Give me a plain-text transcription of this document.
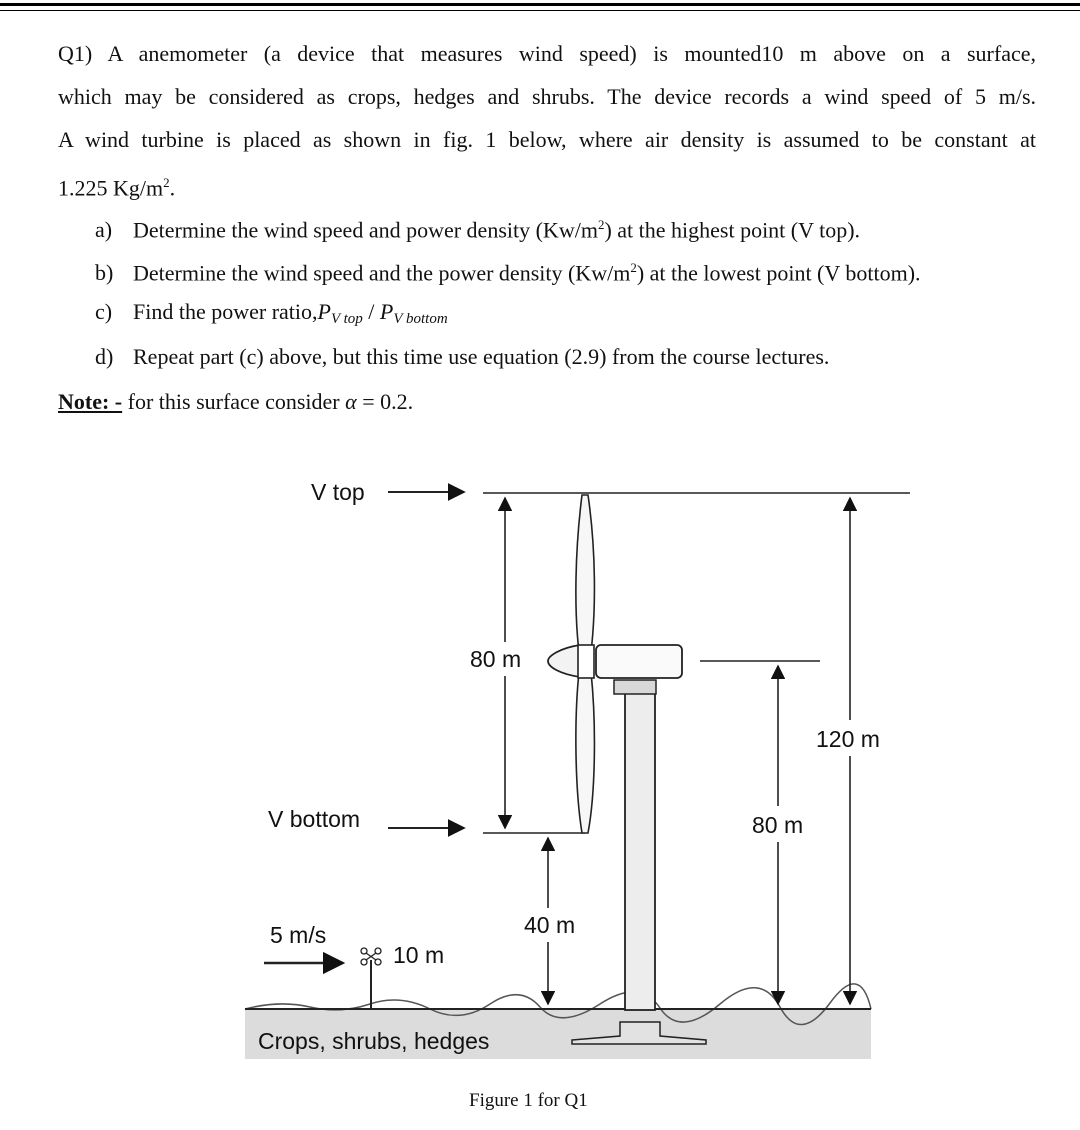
Q1) A anemometer (a device that measures wind speed) is mounted10 m above on a surface,
which may be considered as crops, hedges and shrubs. The device records a wind speed of 5 m/s.
A wind turbine is placed as shown in fig. 1 below, where air density is assumed to be constant at
1.225 $Kg/m^2$.
a) Determine the wind speed and power density $(Kw/m^2)$ at the highest point (V top).
b) Determine the wind speed and the power density $(Kw/m^2)$ at the lowest point (V bottom).
c) Find the power $ratio,P_{V top} / P_{V bottom}$
d) Repeat part (c) above, but this time use equation (2.9) from the course lectures.
Note: - for this surface consider α = 0.2.
V top
V bottom
80 m
40 m
80 m
120 m
5 m/s
10 m
Crops, shrubs, hedges
Figure 1 for Q1
